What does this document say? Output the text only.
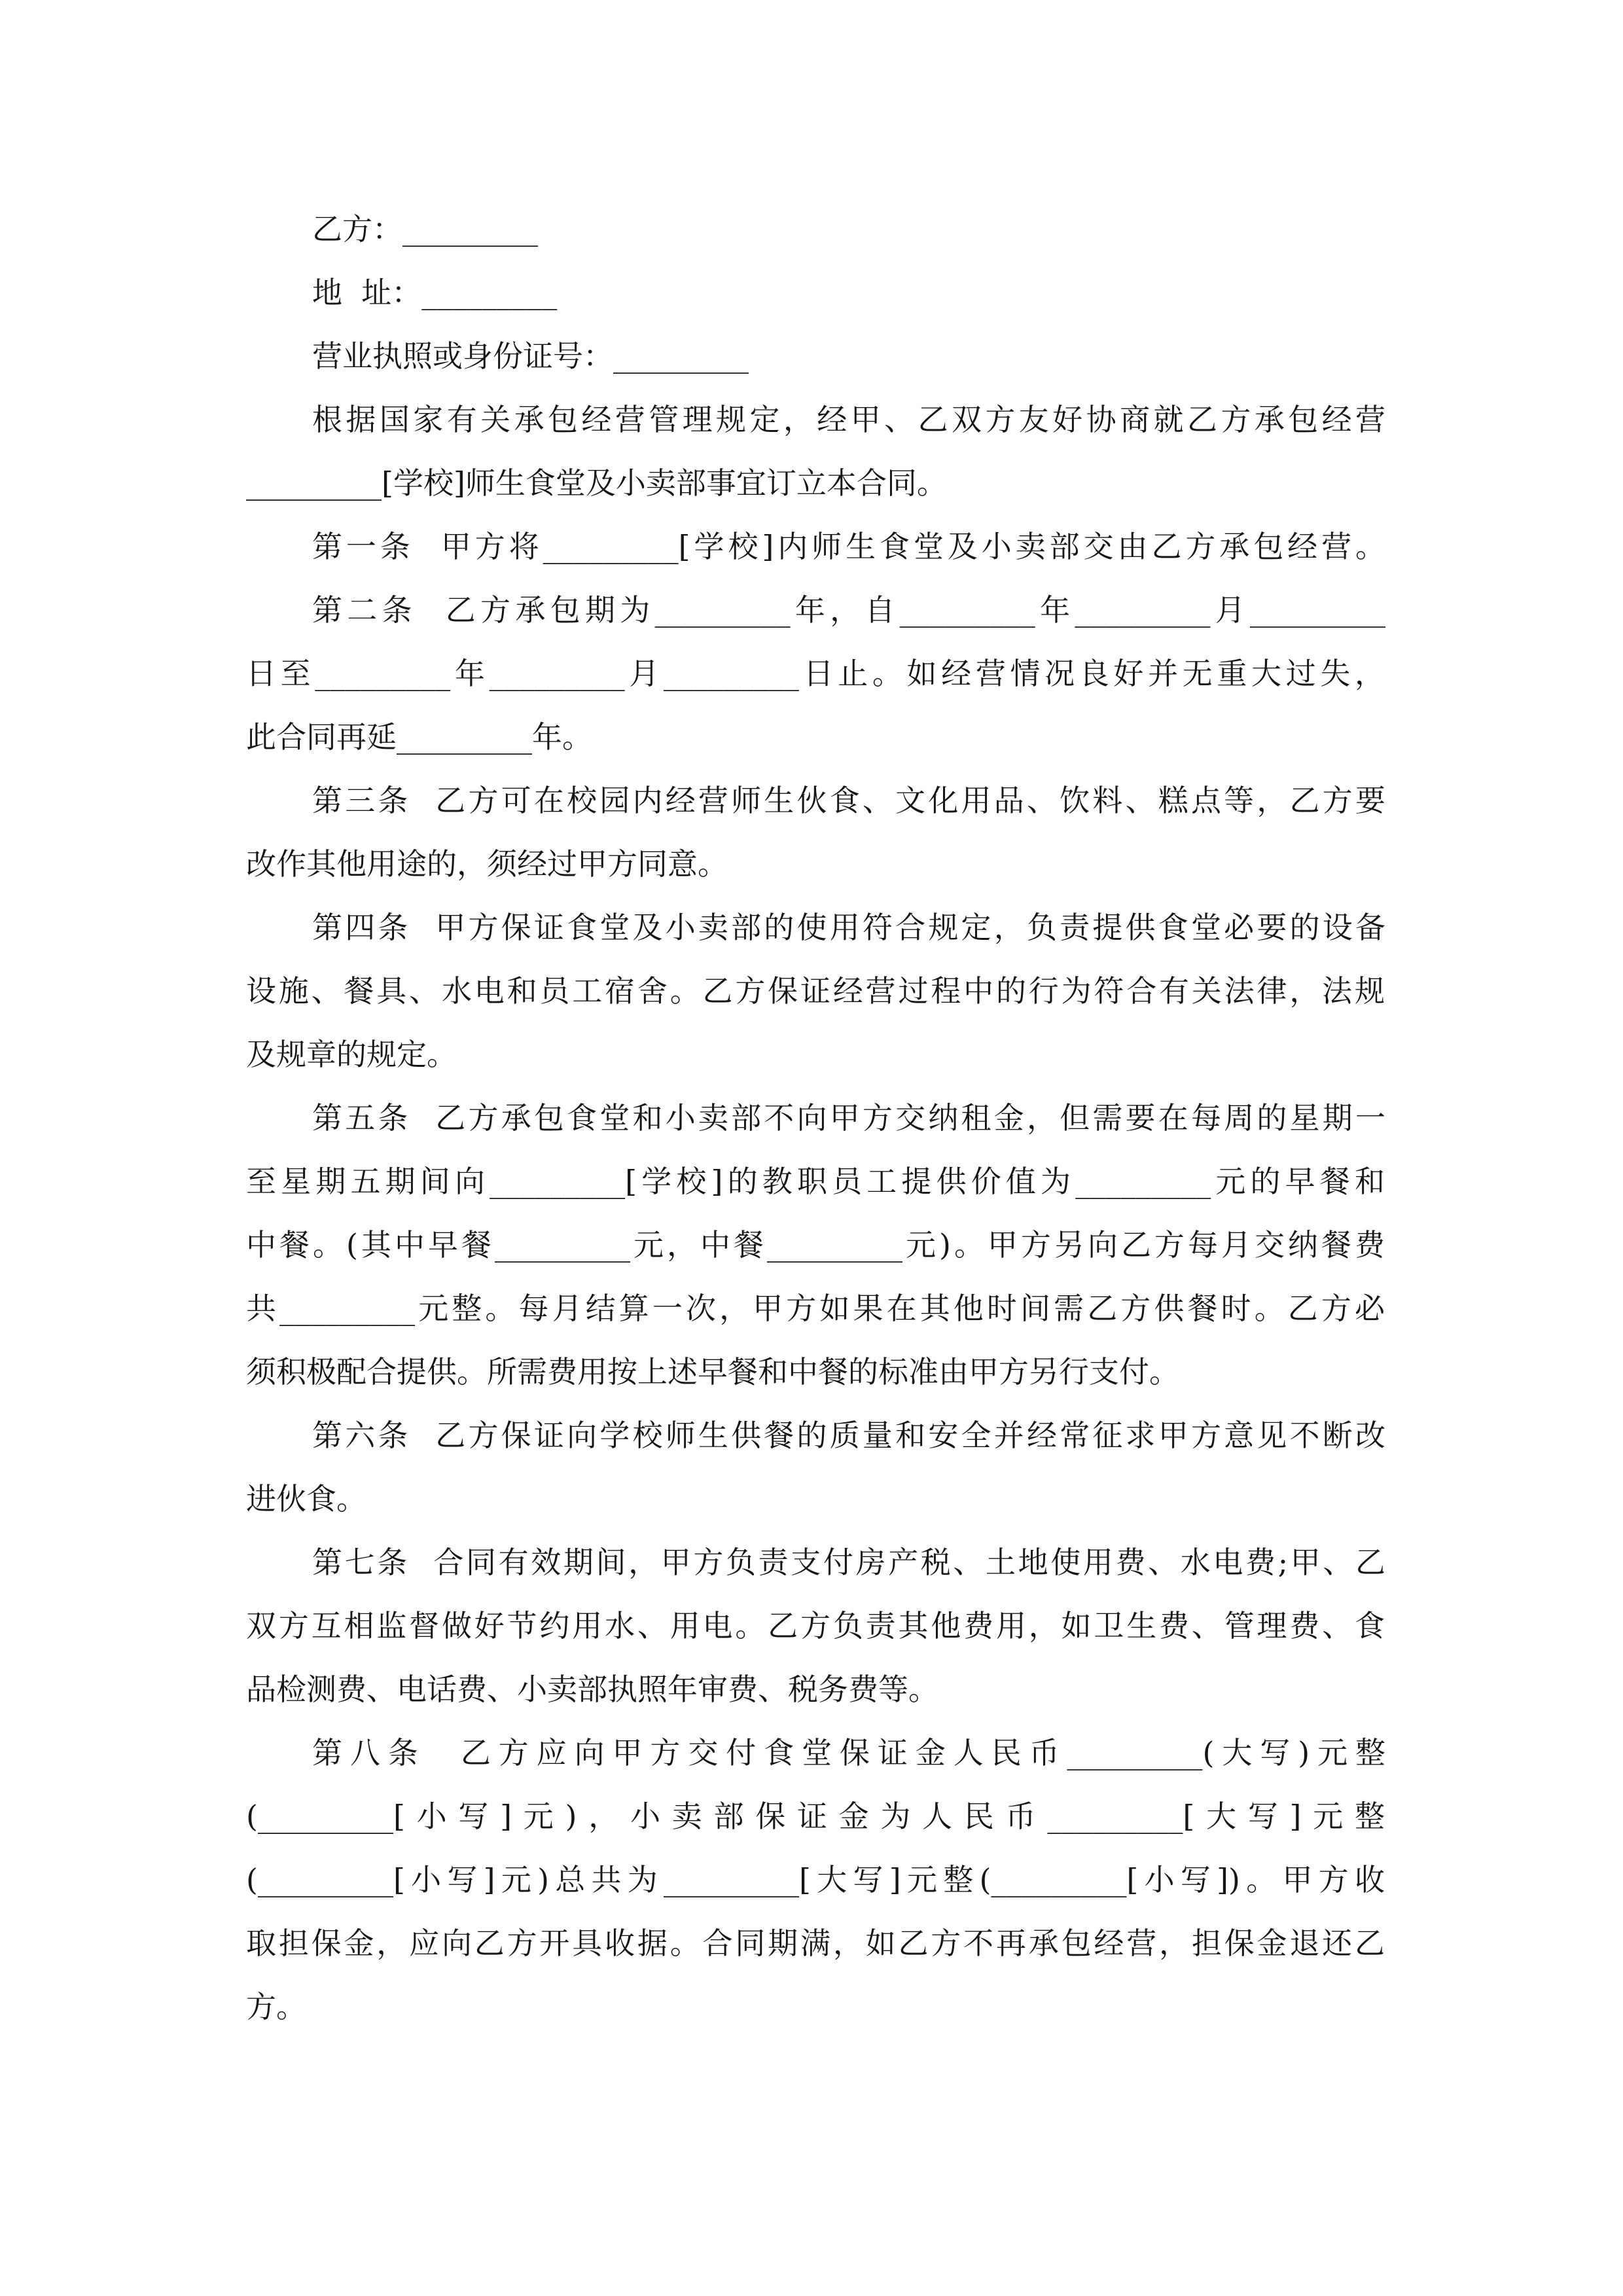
乙方：_________
地  址：_________
营业执照或身份证号：_________
根据国家有关承包经营管理规定，经甲、乙双方友好协商就乙方承包经营
_________[学校]师生食堂及小卖部事宜订立本合同。
第一条  甲方将_________[学校]内师生食堂及小卖部交由乙方承包经营。
第二条  乙方承包期为_________年，自_________年_________月_________
日至_________年_________月_________日止。如经营情况良好并无重大过失，
此合同再延_________年。
第三条  乙方可在校园内经营师生伙食、文化用品、饮料、糕点等，乙方要
改作其他用途的，须经过甲方同意。
第四条  甲方保证食堂及小卖部的使用符合规定，负责提供食堂必要的设备
设施、餐具、水电和员工宿舍。乙方保证经营过程中的行为符合有关法律，法规
及规章的规定。
第五条  乙方承包食堂和小卖部不向甲方交纳租金，但需要在每周的星期一
至星期五期间向_________[学校]的教职员工提供价值为_________元的早餐和
中餐。(其中早餐_________元，中餐_________元)。甲方另向乙方每月交纳餐费
共_________元整。每月结算一次，甲方如果在其他时间需乙方供餐时。乙方必
须积极配合提供。所需费用按上述早餐和中餐的标准由甲方另行支付。
第六条  乙方保证向学校师生供餐的质量和安全并经常征求甲方意见不断改
进伙食。
第七条  合同有效期间，甲方负责支付房产税、土地使用费、水电费;甲、乙
双方互相监督做好节约用水、用电。乙方负责其他费用，如卫生费、管理费、食
品检测费、电话费、小卖部执照年审费、税务费等。
第八条  乙方应向甲方交付食堂保证金人民币_________(大写)元整
(_________[小写]元)，小卖部保证金为人民币_________[大写]元整
(_________[小写]元)总共为_________[大写]元整(_________[小写])。甲方收
取担保金，应向乙方开具收据。合同期满，如乙方不再承包经营，担保金退还乙
方。
